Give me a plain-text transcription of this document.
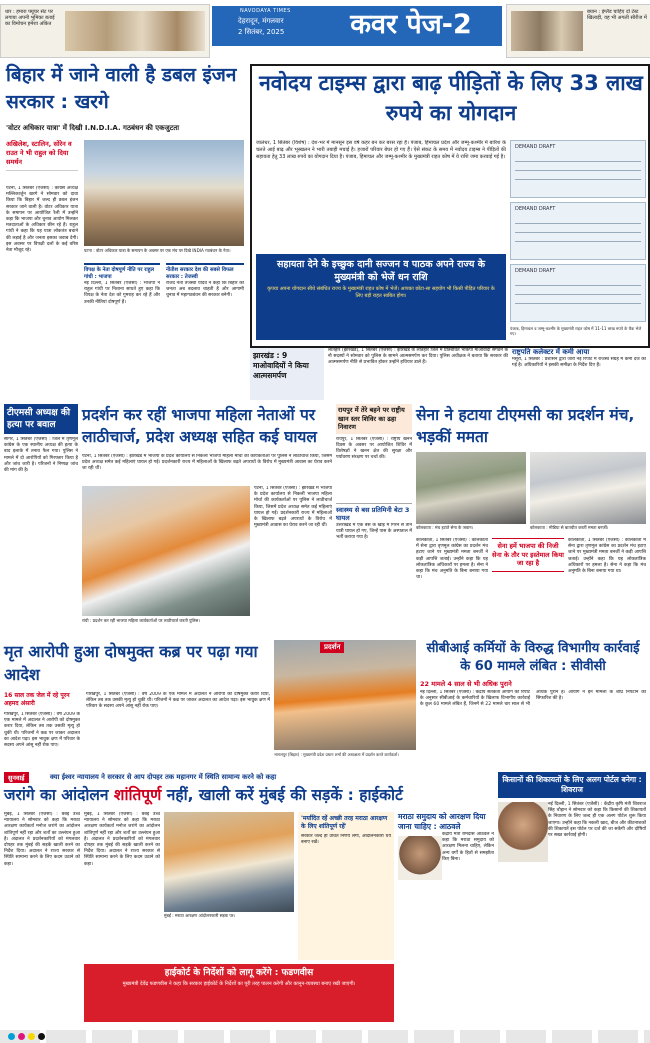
धार : हमारा फ्यूचर सेट पर लगाया अपनी भूमिका बताई का विमोचन हमेशा अंकित
NAVODAYA TIMES
देहरादून, मंगलवार
2 सितंबर, 2025	कवर पेज-2	बयान : इंग्लैंड चाहिए दो टेस्ट खिलाड़ी, वह भी अगली सीरीज में
बिहार में जाने वाली है डबल इंजन सरकार : खरगे
'वोटर अधिकार यात्रा' में दिखी I.N.D.I.A. गठबंधन की एकजुटता
अखिलेश, स्टालिन, सोरेन व राउत ने भी राहुल को दिया समर्थन
पटना, 1 सितंबर (एजेंसी) : कांग्रेस अध्यक्ष मल्लिकार्जुन खरगे ने सोमवार को दावा किया कि बिहार में जल्द ही डबल इंजन सरकार जाने वाली है। वोटर अधिकार यात्रा के समापन पर आयोजित रैली में उन्होंने कहा कि भाजपा और चुनाव आयोग मिलकर मतदाताओं के अधिकार छीन रहे हैं। राहुल गांधी ने कहा कि यह यात्रा लोकतंत्र बचाने की लड़ाई है और जनता इसका जवाब देगी। इस अवसर पर विपक्षी दलों के कई वरिष्ठ नेता मौजूद रहे।	पटना : वोटर अधिकार यात्रा के समापन के अवसर पर एक मंच पर दिखे INDIA गठबंधन के नेता।
विपक्ष के नेता दोषपूर्ण नीति पर राहुल गांधी : भाजपा
नई दिल्ली, 1 सितंबर (एजेंसी) : भाजपा ने राहुल गांधी पर निशाना साधते हुए कहा कि विपक्ष के नेता देश को गुमराह कर रहे हैं और उनकी नीतियां दोषपूर्ण हैं।
नीतीश सरकार देश की सबसे विफल सरकार : तेजस्वी
राजद नेता तेजस्वी यादव ने कहा कि बिहार की जनता अब बदलाव चाहती है और आगामी चुनाव में महागठबंधन की सरकार बनेगी।
नवोदय टाइम्स द्वारा बाढ़ पीड़ितों के लिए 33 लाख रुपये का योगदान
जालंधर, 1 सितंबर (विशेष) : देश-भर में मानसून इस वर्ष कहर बन कर बरस रहा है। पंजाब, हिमाचल प्रदेश और जम्मू-कश्मीर में बारिश के चलते आई बाढ़ और भूस्खलन ने भारी तबाही मचाई है। हजारों परिवार बेघर हो गए हैं। ऐसे संकट के समय में नवोदय टाइम्स ने पीड़ितों की सहायता हेतु 33 लाख रुपये का योगदान दिया है। पंजाब, हिमाचल और जम्मू-कश्मीर के मुख्यमंत्री राहत कोष में ये राशि जमा करवाई गई है।
सहायता देने के इच्छुक दानी सज्जन व पाठक अपने राज्य के मुख्यमंत्री को भेजें धन राशि
कृपया अपना योगदान सीधे संबंधित राज्य के मुख्यमंत्री राहत कोष में भेजें। आपका छोटा-सा सहयोग भी किसी पीड़ित परिवार के लिए बड़ी राहत साबित होगा।
DEMAND DRAFT
DEMAND DRAFT
DEMAND DRAFT
पंजाब, हिमाचल व जम्मू-कश्मीर के मुख्यमंत्री राहत कोष में 11-11 लाख रुपये के चैक भेजे गए।
झारखंड : 9 माओवादियों ने किया आत्मसमर्पण
लातेहार (झारखंड), 1 सितंबर (एजेंसी) : झारखंड के लातेहार जिले में प्रतिबंधित भाकपा माओवादी संगठन के नौ सदस्यों ने सोमवार को पुलिस के सामने आत्मसमर्पण कर दिया। पुलिस अधीक्षक ने बताया कि सरकार की आत्मसमर्पण नीति से प्रभावित होकर उन्होंने हथियार डाले हैं।
राष्ट्रपति कलेक्टर में कमी आया
मसूरी, 1 सितंबर : प्रशासन द्वारा जारी नई रिपोर्ट में राजस्व संग्रह में कमी दर्ज की गई है। अधिकारियों ने इसकी समीक्षा के निर्देश दिए हैं।
टीएमसी अध्यक्ष की हत्या पर बवाल
सागर, 1 सितंबर (एजेंसी) : जिले में तृणमूल कांग्रेस के एक स्थानीय अध्यक्ष की हत्या के बाद इलाके में तनाव फैल गया। पुलिस ने मामले में दो आरोपियों को गिरफ्तार किया है और जांच जारी है। परिजनों ने निष्पक्ष जांच की मांग की है।
प्रदर्शन कर रहीं भाजपा महिला नेताओं पर लाठीचार्ज, प्रदेश अध्यक्ष सहित कई घायल
पटना, 1 सितंबर (एजेंसी) : झारखंड में भाजपा के प्रदेश कार्यालय से निकलीं भाजपा महिला मोर्चा की कार्यकर्ताओं पर पुलिस ने लाठीचार्ज किया, जिसमें प्रदेश अध्यक्ष समेत कई महिलाएं घायल हो गईं। प्रदर्शनकारी राज्य में महिलाओं के खिलाफ बढ़ते अपराधों के विरोध में मुख्यमंत्री आवास का घेराव करने जा रही थीं।
रांची : प्रदर्शन कर रहीं भाजपा महिला कार्यकर्ताओं पर लाठीचार्ज करती पुलिस।
पटना, 1 सितंबर (एजेंसी) : झारखंड में भाजपा के प्रदेश कार्यालय से निकलीं भाजपा महिला मोर्चा की कार्यकर्ताओं पर पुलिस ने लाठीचार्ज किया, जिसमें प्रदेश अध्यक्ष समेत कई महिलाएं घायल हो गईं। प्रदर्शनकारी राज्य में महिलाओं के खिलाफ बढ़ते अपराधों के विरोध में मुख्यमंत्री आवास का घेराव करने जा रही थीं।
रायपुर में तेरे बहने पर राष्ट्रीय खान स्तर शिविर का ढहा निवारण
रायपुर, 1 सितंबर (एजेंसी) : राष्ट्रीय खनन दिवस के अवसर पर आयोजित शिविर में विशेषज्ञों ने खनन क्षेत्र की सुरक्षा और पर्यावरण संरक्षण पर चर्चा की।
स्वास्थ्य से बस प्रतिमिनी बेटा 3 घायल
उत्तराखंड में एक बस के खाई में गिरने से तीन यात्री घायल हो गए, जिन्हें पास के अस्पताल में भर्ती कराया गया है।
सेना ने हटाया टीएमसी का प्रदर्शन मंच, भड़कीं ममता
कोलकाता : मंच हटाते सेना के जवान।	कोलकाता : मीडिया से बातचीत करतीं ममता बनर्जी।
कोलकाता, 1 सितंबर (एजेंसी) : कोलकाता में सेना द्वारा तृणमूल कांग्रेस का प्रदर्शन मंच हटाए जाने पर मुख्यमंत्री ममता बनर्जी ने कड़ी आपत्ति जताई। उन्होंने कहा कि यह लोकतांत्रिक अधिकारों पर हमला है। सेना ने कहा कि मंच अनुमति के बिना बनाया गया था।
सेना हमें भाजपा की निजी सेना के तौर पर इस्तेमाल किया जा रहा है
कोलकाता, 1 सितंबर (एजेंसी) : कोलकाता में सेना द्वारा तृणमूल कांग्रेस का प्रदर्शन मंच हटाए जाने पर मुख्यमंत्री ममता बनर्जी ने कड़ी आपत्ति जताई। उन्होंने कहा कि यह लोकतांत्रिक अधिकारों पर हमला है। सेना ने कहा कि मंच अनुमति के बिना बनाया गया था।
मृत आरोपी हुआ दोषमुक्त कब्र पर पढ़ा गया आदेश
16 साल तक जेल में रहे पूरन अहमद अंसारी
गोरखपुर, 1 सितंबर (एजेंसी) : वर्ष 2009 के एक मामले में अदालत ने आरोपी को दोषमुक्त करार दिया, लेकिन तब तक उसकी मृत्यु हो चुकी थी। परिजनों ने कब्र पर जाकर अदालत का आदेश पढ़ा। इस भावुक क्षण में परिवार के सदस्य अपने आंसू नहीं रोक पाए।
गोरखपुर, 1 सितंबर (एजेंसी) : वर्ष 2009 के एक मामले में अदालत ने आरोपी को दोषमुक्त करार दिया, लेकिन तब तक उसकी मृत्यु हो चुकी थी। परिजनों ने कब्र पर जाकर अदालत का आदेश पढ़ा। इस भावुक क्षण में परिवार के सदस्य अपने आंसू नहीं रोक पाए।
प्रदर्शन
भागलपुर (बिहार) : मुख्यमंत्री प्रदेश प्रधान शर्मा की अध्यक्षता में प्रदर्शन करते कार्यकर्ता।
सीबीआई कर्मियों के विरुद्ध विभागीय कार्रवाई के 60 मामले लंबित : सीवीसी
22 मामले 4 साल से भी अधिक पुराने
नई दिल्ली, 1 सितंबर (एजेंसी) : केंद्रीय सतर्कता आयोग की रिपोर्ट के अनुसार सीबीआई के कर्मचारियों के खिलाफ विभागीय कार्रवाई के कुल 60 मामले लंबित हैं, जिनमें से 22 मामले चार साल से भी अधिक पुराने हैं। आयोग ने इन मामलों के शीघ्र निपटान की सिफारिश की है।
सुनवाई	क्या ईश्वर न्यायालय ने सरकार से आप दोपहर तक महानगर में स्थिति सामान्य करने को कहा
जरांगे का आंदोलन शांतिपूर्ण नहीं, खाली करें मुंबई की सड़कें : हाईकोर्ट
मुंबई, 1 सितंबर (एजेंसी) : बंबई उच्च न्यायालय ने सोमवार को कहा कि मराठा आरक्षण कार्यकर्ता मनोज जरांगे का आंदोलन शांतिपूर्ण नहीं रहा और शर्तों का उल्लंघन हुआ है। अदालत ने प्रदर्शनकारियों को मंगलवार दोपहर तक मुंबई की सड़कें खाली करने का निर्देश दिया। अदालत ने राज्य सरकार से स्थिति सामान्य करने के लिए कदम उठाने को कहा।
मुंबई, 1 सितंबर (एजेंसी) : बंबई उच्च न्यायालय ने सोमवार को कहा कि मराठा आरक्षण कार्यकर्ता मनोज जरांगे का आंदोलन शांतिपूर्ण नहीं रहा और शर्तों का उल्लंघन हुआ है। अदालत ने प्रदर्शनकारियों को मंगलवार दोपहर तक मुंबई की सड़कें खाली करने का निर्देश दिया। अदालत ने राज्य सरकार से स्थिति सामान्य करने के लिए कदम उठाने को कहा।
मुंबई : मराठा आरक्षण आंदोलनकारी सड़क पर।
'मर्यादित रहें अच्छी तरह मराठा आरक्षण के लिए शांतिपूर्ण रहें'
सरकार जल्द ही उचित निर्णय लेगी, आंदोलनकारी धैर्य बनाए रखें।
मराठा समुदाय को आरक्षण दिया जाना चाहिए : आठवले
केंद्रीय मंत्री रामदास आठवले ने कहा कि मराठा समुदाय को आरक्षण मिलना चाहिए, लेकिन अन्य वर्गों के हितों से समझौता किए बिना।
हाईकोर्ट के निर्देशों को लागू करेंगे : फडणवीस
मुख्यमंत्री देवेंद्र फडणवीस ने कहा कि सरकार हाईकोर्ट के निर्देशों का पूरी तरह पालन करेगी और कानून-व्यवस्था बनाए रखी जाएगी।
किसानों की शिकायतों के लिए अलग पोर्टल बनेगा : शिवराज
नई दिल्ली, 1 सितंबर (एजेंसी) : केंद्रीय कृषि मंत्री शिवराज सिंह चौहान ने सोमवार को कहा कि किसानों की शिकायतों के निवारण के लिए जल्द ही एक अलग पोर्टल शुरू किया जाएगा। उन्होंने कहा कि नकली खाद, बीज और कीटनाशकों की शिकायतें इस पोर्टल पर दर्ज की जा सकेंगी और दोषियों पर सख्त कार्रवाई होगी।
